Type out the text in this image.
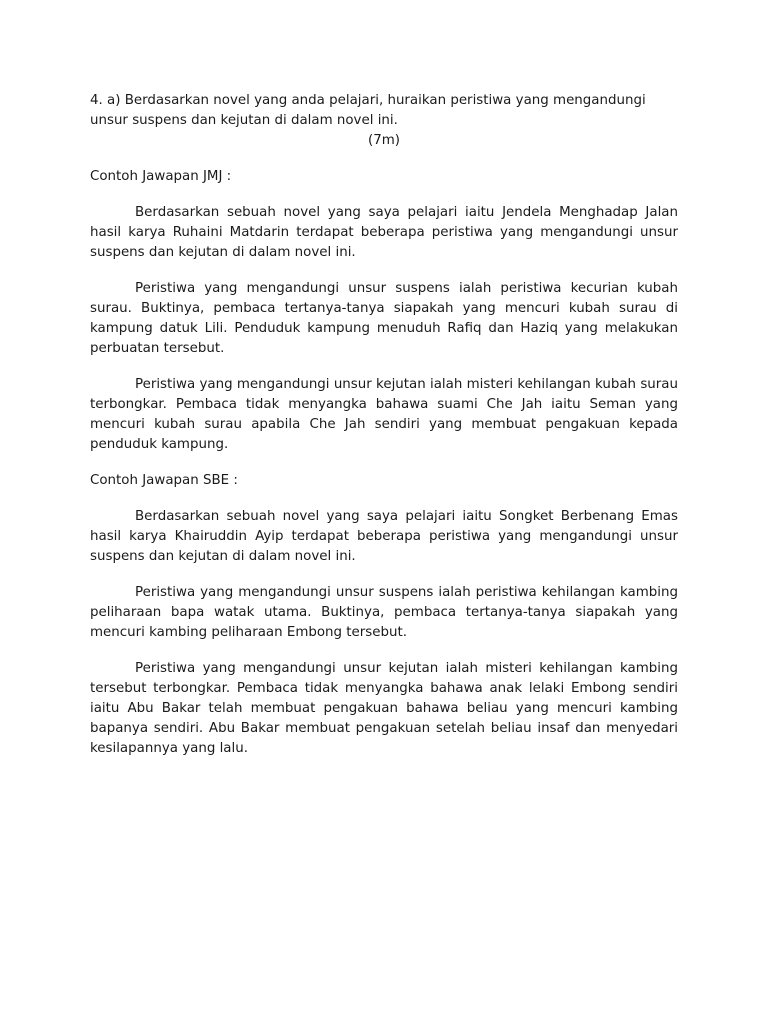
4. a) Berdasarkan novel yang anda pelajari, huraikan peristiwa yang mengandungi unsur suspens dan kejutan di dalam novel ini.

(7m)

Contoh Jawapan JMJ :

Berdasarkan sebuah novel yang saya pelajari iaitu Jendela Menghadap Jalan hasil karya Ruhaini Matdarin terdapat beberapa peristiwa yang mengandungi unsur suspens dan kejutan di dalam novel ini.

Peristiwa yang mengandungi unsur suspens ialah peristiwa kecurian kubah surau. Buktinya, pembaca tertanya-tanya siapakah yang mencuri kubah surau di kampung datuk Lili. Penduduk kampung menuduh Rafiq dan Haziq yang melakukan perbuatan tersebut.

Peristiwa yang mengandungi unsur kejutan ialah misteri kehilangan kubah surau terbongkar. Pembaca tidak menyangka bahawa suami Che Jah iaitu Seman yang mencuri kubah surau apabila Che Jah sendiri yang membuat pengakuan kepada penduduk kampung.

Contoh Jawapan SBE :

Berdasarkan sebuah novel yang saya pelajari iaitu Songket Berbenang Emas hasil karya Khairuddin Ayip terdapat beberapa peristiwa yang mengandungi unsur suspens dan kejutan di dalam novel ini.

Peristiwa yang mengandungi unsur suspens ialah peristiwa kehilangan kambing peliharaan bapa watak utama. Buktinya, pembaca tertanya-tanya siapakah yang mencuri kambing peliharaan Embong tersebut.

Peristiwa yang mengandungi unsur kejutan ialah misteri kehilangan kambing tersebut terbongkar. Pembaca tidak menyangka bahawa anak lelaki Embong sendiri iaitu Abu Bakar telah membuat pengakuan bahawa beliau yang mencuri kambing bapanya sendiri. Abu Bakar membuat pengakuan setelah beliau insaf dan menyedari kesilapannya yang lalu.
